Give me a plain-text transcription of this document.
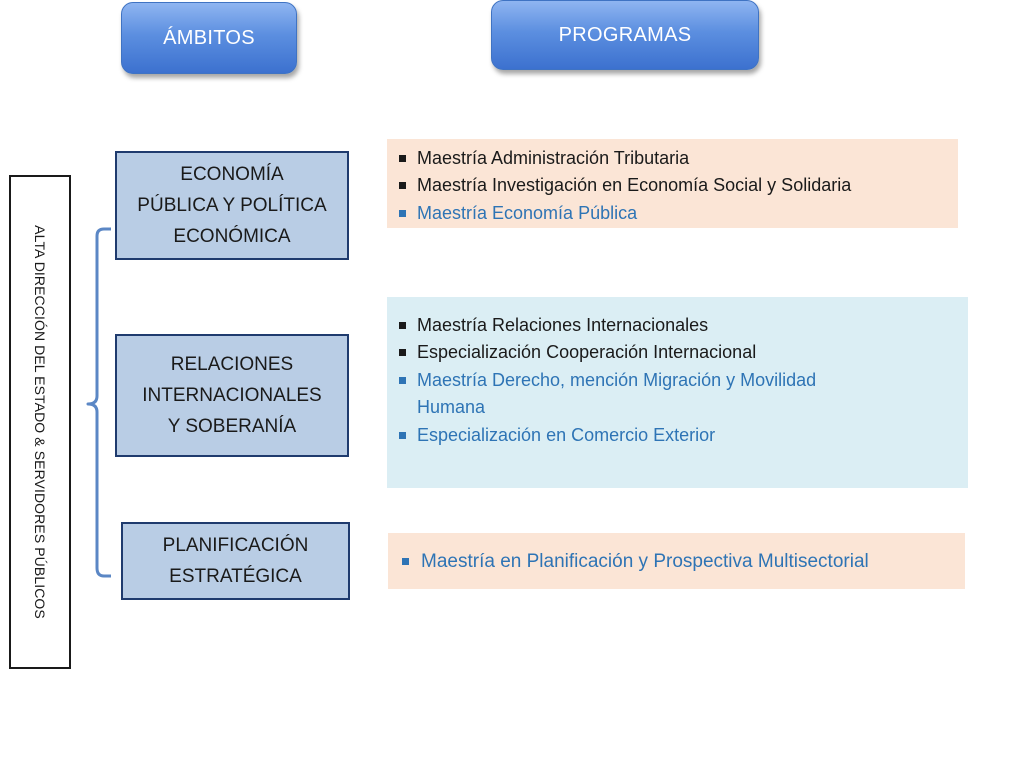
ÁMBITOS	PROGRAMAS
ALTA DIRECCIÓN DEL ESTADO & SERVIDORES PÚBLICOS
ECONOMÍA
PÚBLICA Y POLÍTICA
ECONÓMICA
RELACIONES
INTERNACIONALES
Y SOBERANÍA
PLANIFICACIÓN
ESTRATÉGICA
Maestría Administración Tributaria
Maestría Investigación en Economía Social y Solidaria
Maestría Economía Pública
Maestría Relaciones Internacionales
Especialización Cooperación Internacional
Maestría Derecho, mención Migración y Movilidad Humana
Especialización en Comercio Exterior
Maestría en Planificación y Prospectiva Multisectorial
